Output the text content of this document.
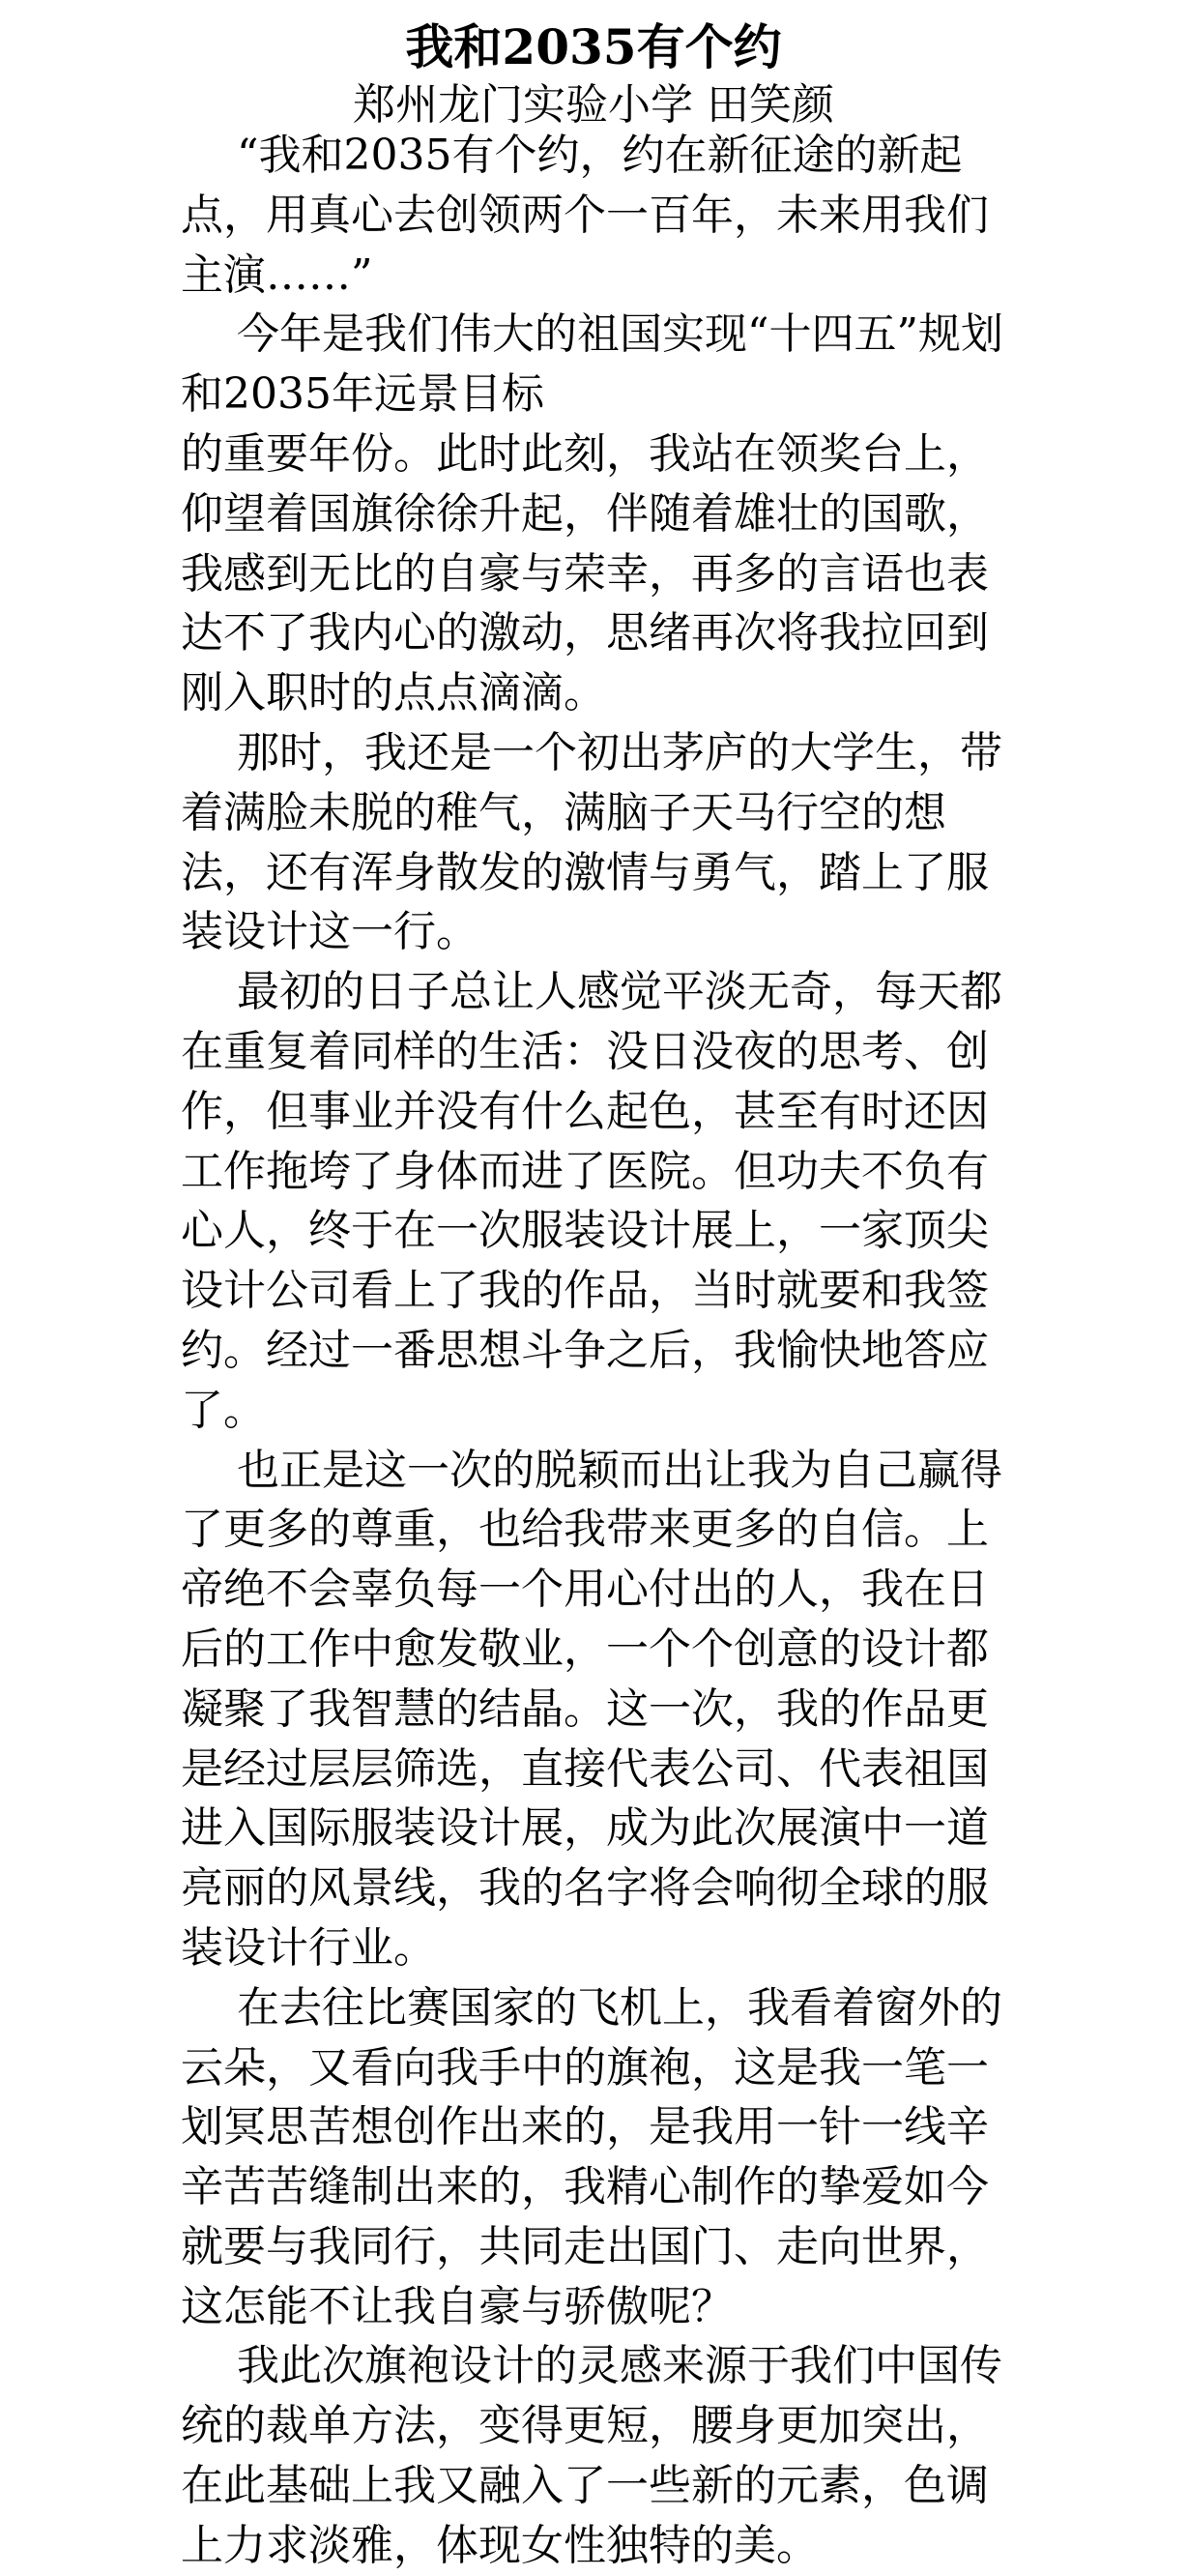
我和2035有个约
郑州龙门实验小学 田笑颜
“我和2035有个约，约在新征途的新起
点，用真心去创领两个一百年，未来用我们
主演……”
今年是我们伟大的祖国实现“十四五”规划
和2035年远景目标
的重要年份。此时此刻，我站在领奖台上，
仰望着国旗徐徐升起，伴随着雄壮的国歌，
我感到无比的自豪与荣幸，再多的言语也表
达不了我内心的激动，思绪再次将我拉回到
刚入职时的点点滴滴。
那时，我还是一个初出茅庐的大学生，带
着满脸未脱的稚气，满脑子天马行空的想
法，还有浑身散发的激情与勇气，踏上了服
装设计这一行。
最初的日子总让人感觉平淡无奇，每天都
在重复着同样的生活：没日没夜的思考、创
作，但事业并没有什么起色，甚至有时还因
工作拖垮了身体而进了医院。但功夫不负有
心人，终于在一次服装设计展上，一家顶尖
设计公司看上了我的作品，当时就要和我签
约。经过一番思想斗争之后，我愉快地答应
了。
也正是这一次的脱颖而出让我为自己赢得
了更多的尊重，也给我带来更多的自信。上
帝绝不会辜负每一个用心付出的人，我在日
后的工作中愈发敬业，一个个创意的设计都
凝聚了我智慧的结晶。这一次，我的作品更
是经过层层筛选，直接代表公司、代表祖国
进入国际服装设计展，成为此次展演中一道
亮丽的风景线，我的名字将会响彻全球的服
装设计行业。
在去往比赛国家的飞机上，我看着窗外的
云朵，又看向我手中的旗袍，这是我一笔一
划冥思苦想创作出来的，是我用一针一线辛
辛苦苦缝制出来的，我精心制作的挚爱如今
就要与我同行，共同走出国门、走向世界，
这怎能不让我自豪与骄傲呢？
我此次旗袍设计的灵感来源于我们中国传
统的裁单方法，变得更短，腰身更加突出，
在此基础上我又融入了一些新的元素，色调
上力求淡雅，体现女性独特的美。
